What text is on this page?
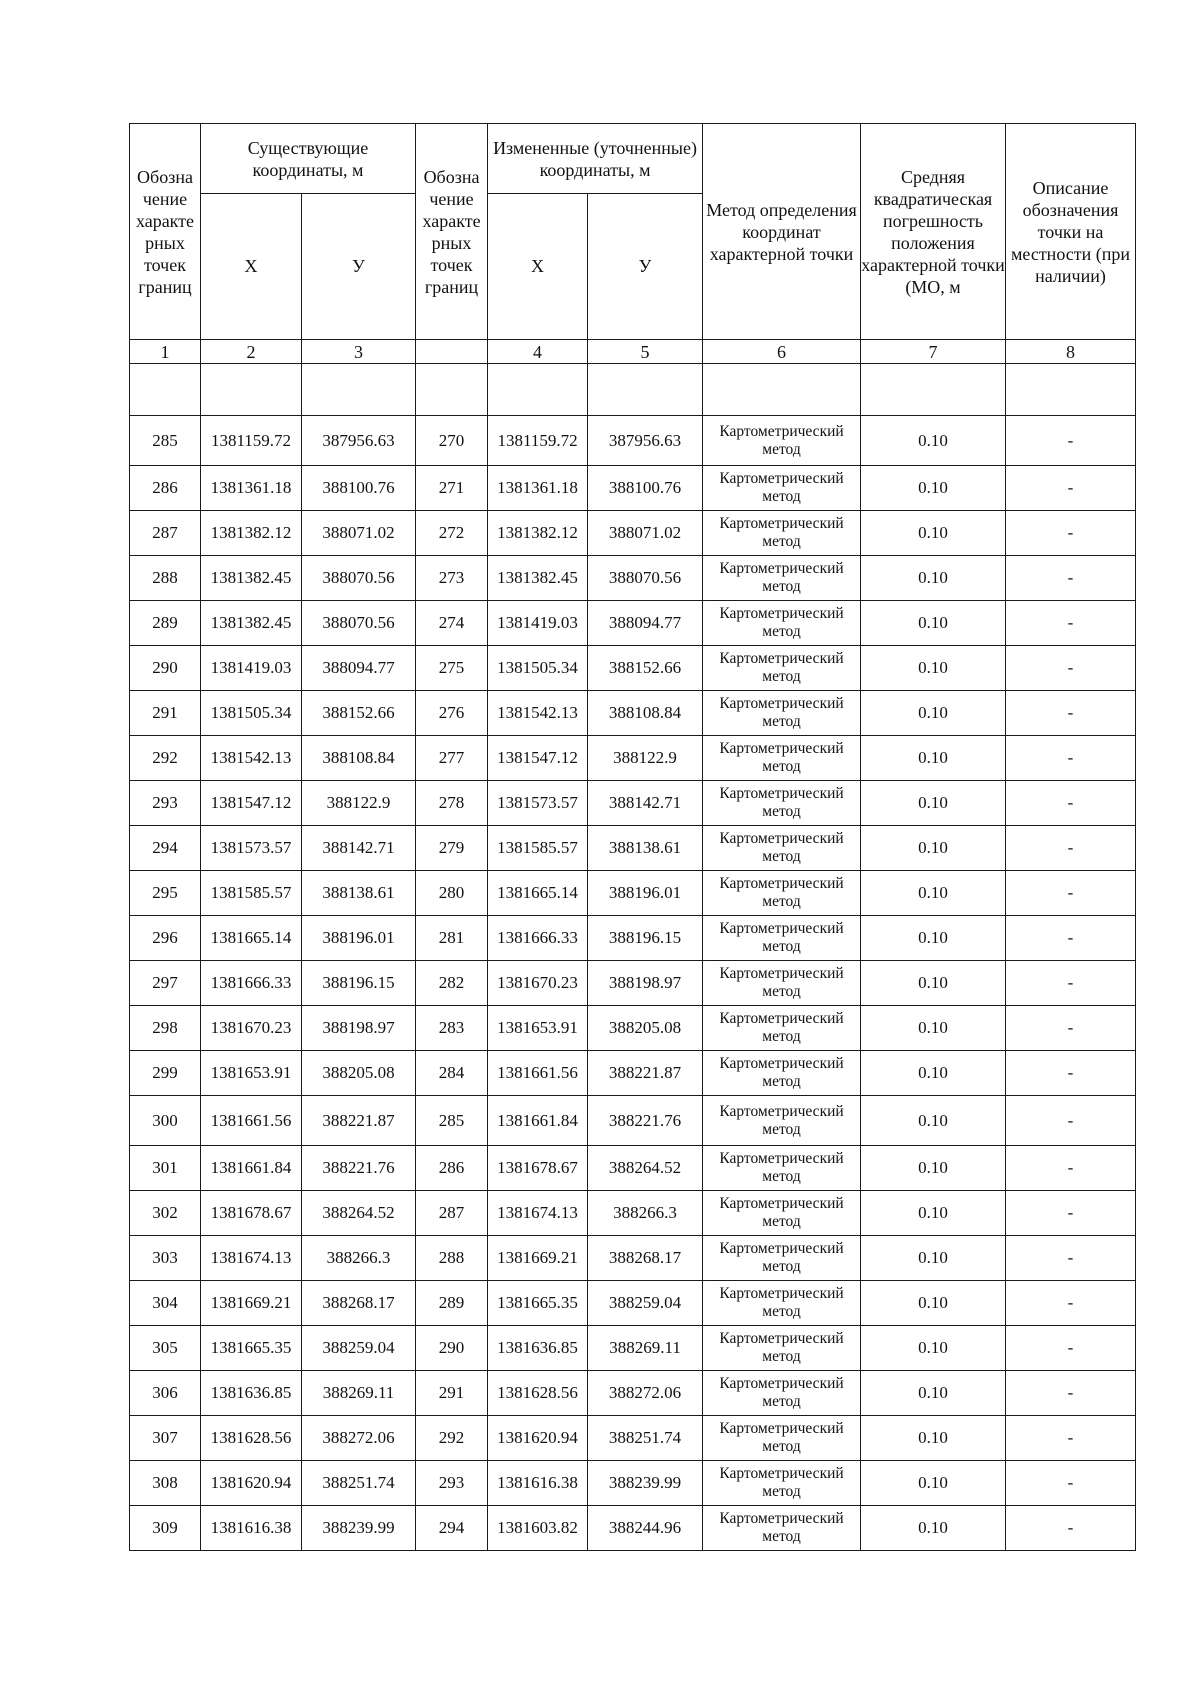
Обозна чение характе рных точек границ	Существующие координаты, м		Обозна чение характе рных точек границ	Измененные (уточненные) координаты, м		Метод определения координат характерной точки	Средняя квадратическая погрешность положения характерной точки (МО, м	Описание обозначения точки на местности (при наличии)
	Х	У		Х	У			
1	2	3		4	5	6	7	8

285	1381159.72	387956.63	270	1381159.72	387956.63	Картометрический метод	0.10	-
286	1381361.18	388100.76	271	1381361.18	388100.76	Картометрический метод	0.10	-
287	1381382.12	388071.02	272	1381382.12	388071.02	Картометрический метод	0.10	-
288	1381382.45	388070.56	273	1381382.45	388070.56	Картометрический метод	0.10	-
289	1381382.45	388070.56	274	1381419.03	388094.77	Картометрический метод	0.10	-
290	1381419.03	388094.77	275	1381505.34	388152.66	Картометрический метод	0.10	-
291	1381505.34	388152.66	276	1381542.13	388108.84	Картометрический метод	0.10	-
292	1381542.13	388108.84	277	1381547.12	388122.9	Картометрический метод	0.10	-
293	1381547.12	388122.9	278	1381573.57	388142.71	Картометрический метод	0.10	-
294	1381573.57	388142.71	279	1381585.57	388138.61	Картометрический метод	0.10	-
295	1381585.57	388138.61	280	1381665.14	388196.01	Картометрический метод	0.10	-
296	1381665.14	388196.01	281	1381666.33	388196.15	Картометрический метод	0.10	-
297	1381666.33	388196.15	282	1381670.23	388198.97	Картометрический метод	0.10	-
298	1381670.23	388198.97	283	1381653.91	388205.08	Картометрический метод	0.10	-
299	1381653.91	388205.08	284	1381661.56	388221.87	Картометрический метод	0.10	-
300	1381661.56	388221.87	285	1381661.84	388221.76	Картометрический метод	0.10	-
301	1381661.84	388221.76	286	1381678.67	388264.52	Картометрический метод	0.10	-
302	1381678.67	388264.52	287	1381674.13	388266.3	Картометрический метод	0.10	-
303	1381674.13	388266.3	288	1381669.21	388268.17	Картометрический метод	0.10	-
304	1381669.21	388268.17	289	1381665.35	388259.04	Картометрический метод	0.10	-
305	1381665.35	388259.04	290	1381636.85	388269.11	Картометрический метод	0.10	-
306	1381636.85	388269.11	291	1381628.56	388272.06	Картометрический метод	0.10	-
307	1381628.56	388272.06	292	1381620.94	388251.74	Картометрический метод	0.10	-
308	1381620.94	388251.74	293	1381616.38	388239.99	Картометрический метод	0.10	-
309	1381616.38	388239.99	294	1381603.82	388244.96	Картометрический метод	0.10	-
